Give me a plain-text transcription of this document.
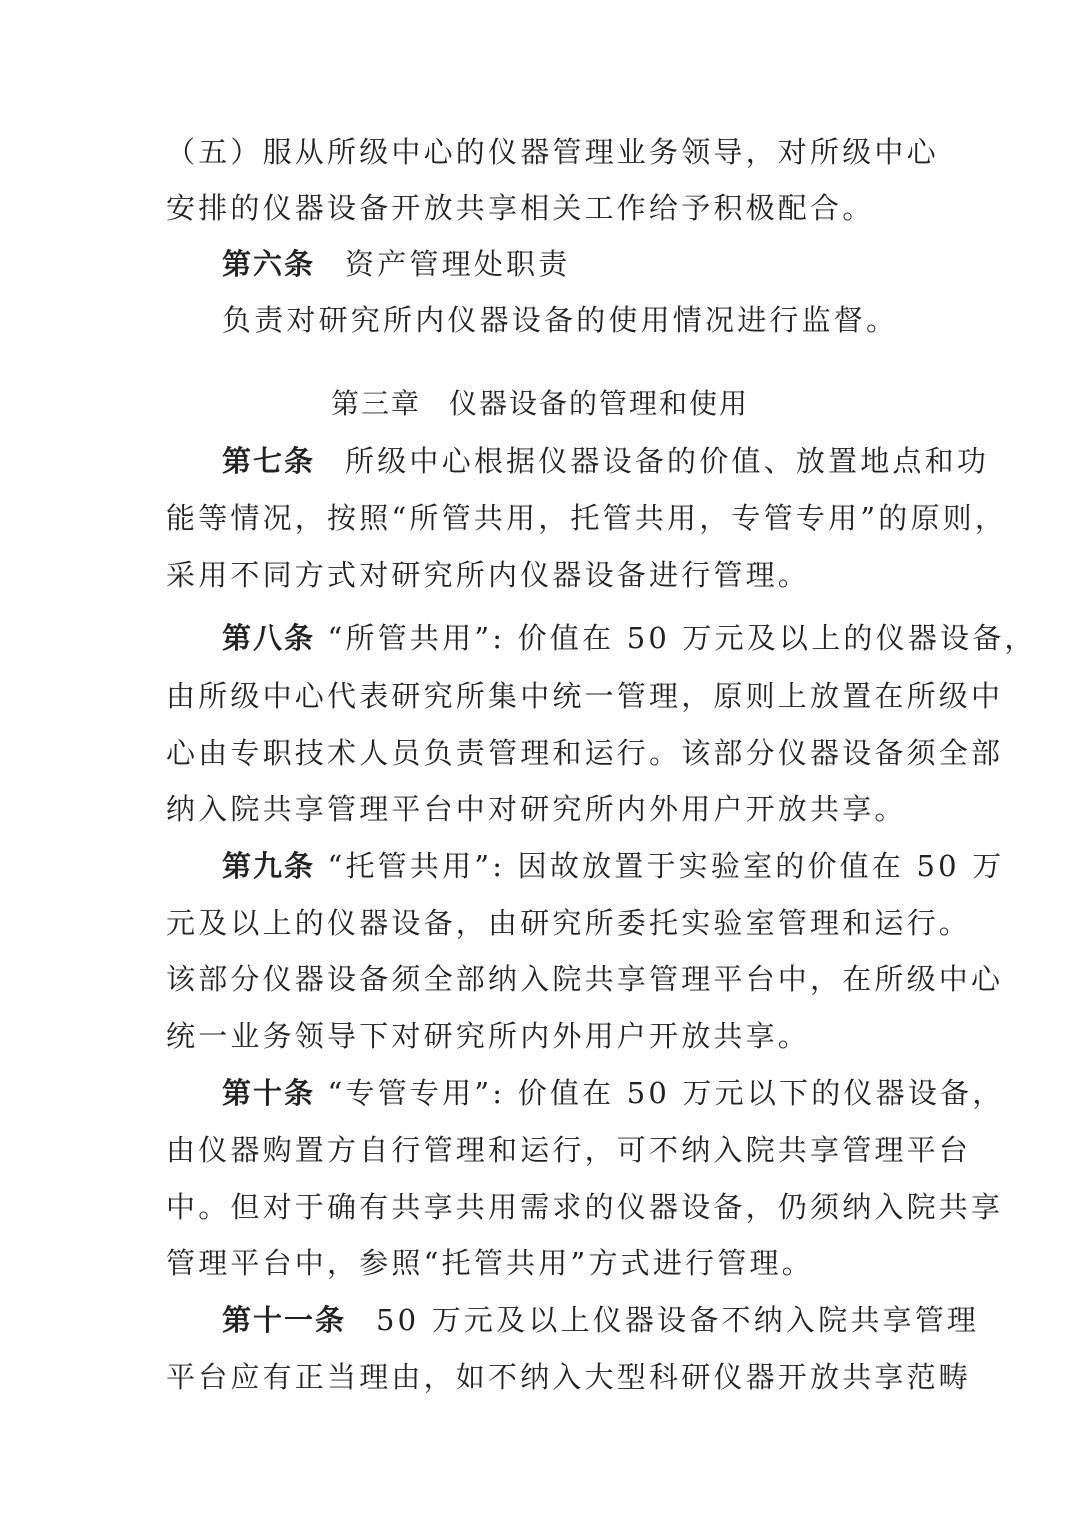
（五）服从所级中心的仪器管理业务领导，对所级中心
安排的仪器设备开放共享相关工作给予积极配合。
第六条 资产管理处职责
负责对研究所内仪器设备的使用情况进行监督。
第三章 仪器设备的管理和使用
第七条 所级中心根据仪器设备的价值、放置地点和功
能等情况，按照“所管共用，托管共用，专管专用”的原则，
采用不同方式对研究所内仪器设备进行管理。
第八条 “所管共用”: 价值在 50 万元及以上的仪器设备，
由所级中心代表研究所集中统一管理，原则上放置在所级中
心由专职技术人员负责管理和运行。该部分仪器设备须全部
纳入院共享管理平台中对研究所内外用户开放共享。
第九条 “托管共用”: 因故放置于实验室的价值在 50 万
元及以上的仪器设备，由研究所委托实验室管理和运行。
该部分仪器设备须全部纳入院共享管理平台中，在所级中心
统一业务领导下对研究所内外用户开放共享。
第十条 “专管专用”: 价值在 50 万元以下的仪器设备，
由仪器购置方自行管理和运行，可不纳入院共享管理平台
中。但对于确有共享共用需求的仪器设备，仍须纳入院共享
管理平台中，参照“托管共用”方式进行管理。
第十一条 50 万元及以上仪器设备不纳入院共享管理
平台应有正当理由，如不纳入大型科研仪器开放共享范畴
